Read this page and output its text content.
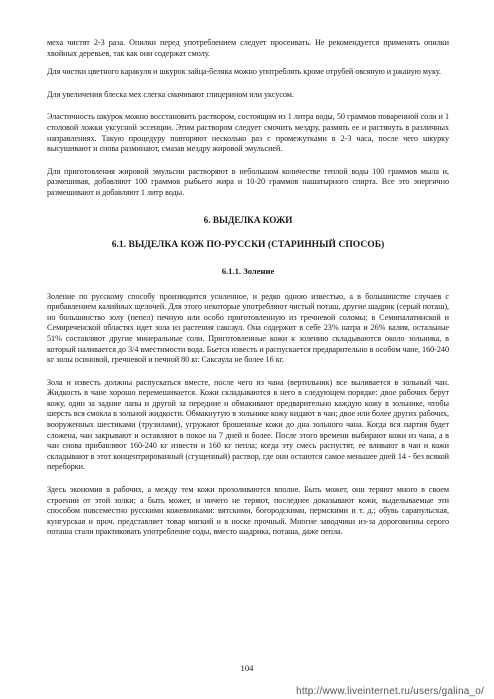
меха чистят 2-3 раза. Опилки перед употреблением следует просеивать. Не рекомендуется применять опилки хвойных деревьев, так как они содержат смолу.

Для чистки цветного каракуля и шкурок зайца-беляка можно употреблять кроме отрубей овсяную и ржаную муку.

Для увеличения блеска мех слегка смачивают глицерином или уксусом.

Эластичность шкурок можно восстановить раствором, состоящим из 1 литра воды, 50 граммов поваренной соли и 1 столовой ложки уксусной эссенции. Этим раствором следует смочить мездру, размять ее и растянуть в различных направлениях. Такую процедуру повторяют несколько раз с промежутками в 2-3 часа, после чего шкурку высушивают и снова разминают, смазав мездру жировой эмульсией.

Для приготовления жировой эмульсии растворяют в небольшом количестве теплой воды 100 граммов мыла и, размешивая, добавляют 100 граммов рыбьего жира и 10-20 граммов нашатырного спирта. Все это энергично размешивают и добавляют 1 литр воды.

6. ВЫДЕЛКА КОЖИ
6.1. ВЫДЕЛКА КОЖ ПО-РУССКИ (СТАРИННЫЙ СПОСОБ)
6.1.1. Золение

Золение по русскому способу производится усиленное, и редко одною известью, а в большинстве случаев с прибавлением калийных щелочей. Для этого некоторые употребляют чистый поташ, другие шадрик (серый поташ), но большинство золу (пепел) печную или особо приготовленную из гречневой соломы; в Семипалатинской и Семиреченской областях идет зола из растения саксаул. Она содержит в себе 23% натра и 26% калия, остальные 51% составляют другие минеральные соли. Приготовленные кожи к золению складываются около зольника, в который наливается до 3/4 вместимости вода. Бьется известь и распускается предварительно в особом чане, 160-240 кг золы осиновой, гречневой и печной 80 кг. Саксаула не более 16 кг.

Зола и известь должны распускаться вместе, после чего из чана (вертильник) все выливается в зольный чан. Жидкость в чане хорошо перемешивается. Кожи складываются в него в следующем порядке: двое рабочих берут кожу, один за задние лапы и другой за передние и обмакивают предварительно каждую кожу в зольнике, чтобы шерсть вся смокла в зольной жидкости. Обмакнутую в зольнике кожу кидают в чан; двое или более других рабочих, вооруженных шестиками (трузилами), угружают брошенные кожи до дна зольного чана. Когда вся партия будет сложена, чан закрывают и оставляют в покое на 7 дней и более. После этого времени выбирают кожи из чана, а в чан снова прибавляют 160-240 кг извести и 160 кг пепла; когда эту смесь распустят, ее вливают в чан и кожи складывают в этот концентрированный (сгущенный) раствор, где они остаются самое меньшее дней 14 - без всякой переборки.

Здесь экономия в рабочих, а между тем кожи прозоливаются вполне. Быть может, они теряют много в своем строении от этой золки; а быть может, и ничего не теряют, последнее доказывают кожи, выделываемые эти способом повсеместно русскими кожевниками: вятскими, богородскими, пермскими и т. д.; обувь сарапульская, кунгурская и проч. представляет товар мягкий и в носке прочный. Многие заводчики из-за дороговизны серого поташа стали практиковать употребление соды, вместо шадрика, поташа, даже пепла.

104
http://www.liveinternet.ru/users/galina_o/
